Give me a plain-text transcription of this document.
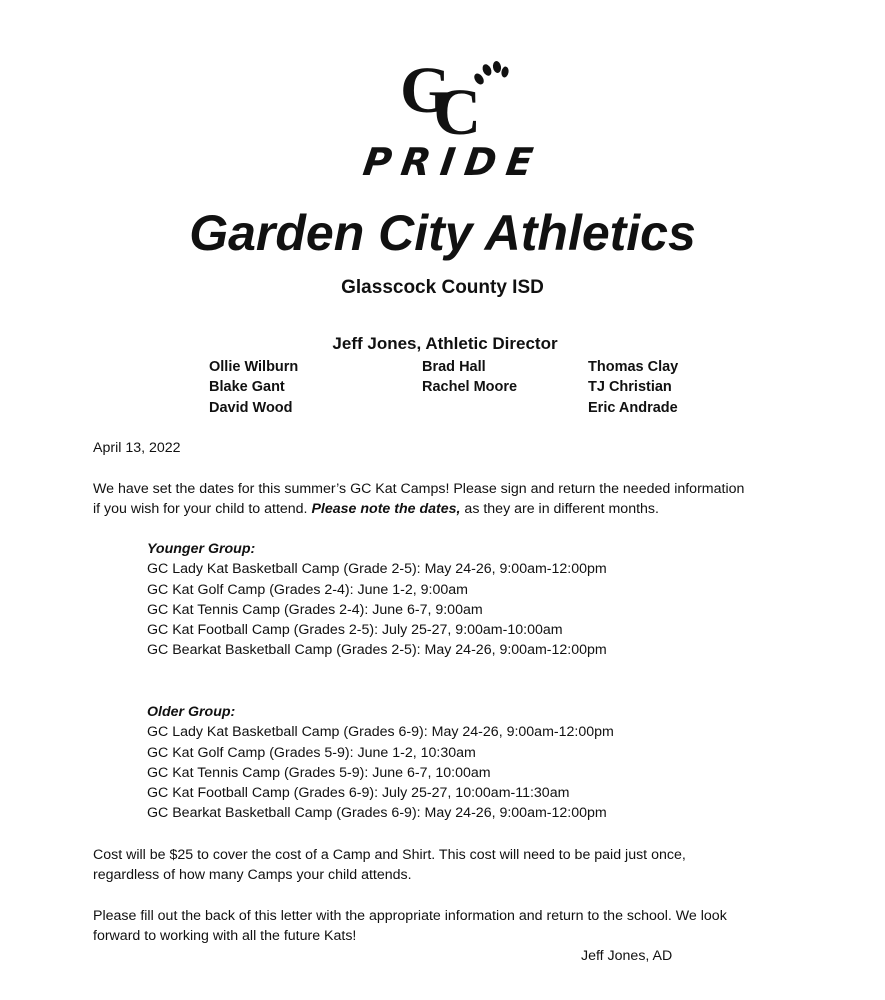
GC
PRIDE
Garden City Athletics
Glasscock County ISD
Jeff Jones, Athletic Director
Ollie Wilburn
Blake Gant
David Wood
Brad Hall
Rachel Moore
Thomas Clay
TJ Christian
Eric Andrade
April 13, 2022
We have set the dates for this summer’s GC Kat Camps! Please sign and return the needed information
if you wish for your child to attend. Please note the dates, as they are in different months.
Younger Group:
GC Lady Kat Basketball Camp (Grade 2-5): May 24-26, 9:00am-12:00pm
GC Kat Golf Camp (Grades 2-4): June 1-2, 9:00am
GC Kat Tennis Camp (Grades 2-4): June 6-7, 9:00am
GC Kat Football Camp (Grades 2-5): July 25-27, 9:00am-10:00am
GC Bearkat Basketball Camp (Grades 2-5): May 24-26, 9:00am-12:00pm
Older Group:
GC Lady Kat Basketball Camp (Grades 6-9): May 24-26, 9:00am-12:00pm
GC Kat Golf Camp (Grades 5-9): June 1-2, 10:30am
GC Kat Tennis Camp (Grades 5-9): June 6-7, 10:00am
GC Kat Football Camp (Grades 6-9): July 25-27, 10:00am-11:30am
GC Bearkat Basketball Camp (Grades 6-9): May 24-26, 9:00am-12:00pm
Cost will be $25 to cover the cost of a Camp and Shirt. This cost will need to be paid just once,
regardless of how many Camps your child attends.
Please fill out the back of this letter with the appropriate information and return to the school. We look
forward to working with all the future Kats!
Jeff Jones, AD
